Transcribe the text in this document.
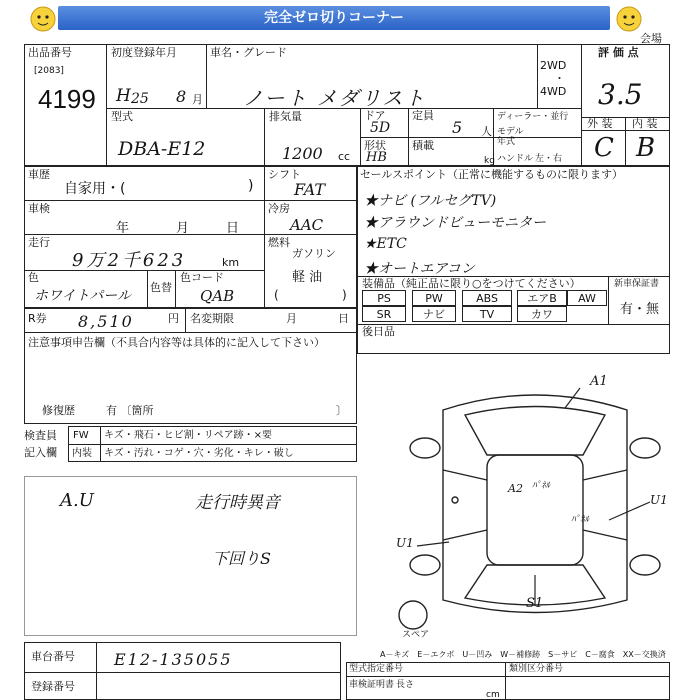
完全ゼロ切りコーナー
会場
出品番号
[2083]
4199
初度登録年月
H 25 8 月
車名・グレード
ノート メダリスト
2WD
・
4WD
評 価 点
3.5
外 装 内 装
C B
型式
DBA-E12
排気量
1200 cc
ドア
5D
定員
5 人
ディーラー・並行
モデル
年式
形状
HB
積載
kg ハンドル 左・右
車歴
自家用・(	)
シフト
FAT
車検
年	月	日
冷房
AAC
走行
9万2千623	km
燃料
ガソリン
軽 油
(	)
色
ホワイトパール
色替
色コード
QAB
セールスポイント（正常に機能するものに限ります）
★ナビ (フルセグTV)
★アラウンドビューモニター
★ETC
★オートエアコン
装備品（純正品に限り○をつけてください）	新車保証書
有・無
PS	PW	ABS	エアB	AW
SR	ナビ	TV	カワ
後日品
R券 8,510	円 名変期限	月	日
注意事項申告欄（不具合内容等は具体的に記入して下さい）
修復歴	有 〔箇所	〕
検査員
記入欄
FW キズ・飛石・ヒビ割・リペア跡・×要
内装 キズ・汚れ・コゲ・穴・劣化・キレ・破し
A.U	走行時異音
下回りS
A1
A2 ﾊﾟﾈﾙ
U1
ﾊﾟﾈﾙ
U1
S1
スペア
A－キズ　E－エクボ　U－凹み　W－補修跡　S－サビ　C－腐食　XX－交換済
車台番号 E12-135055
登録番号
型式指定番号	類別区分番号
車検証明書 長さ
cm
